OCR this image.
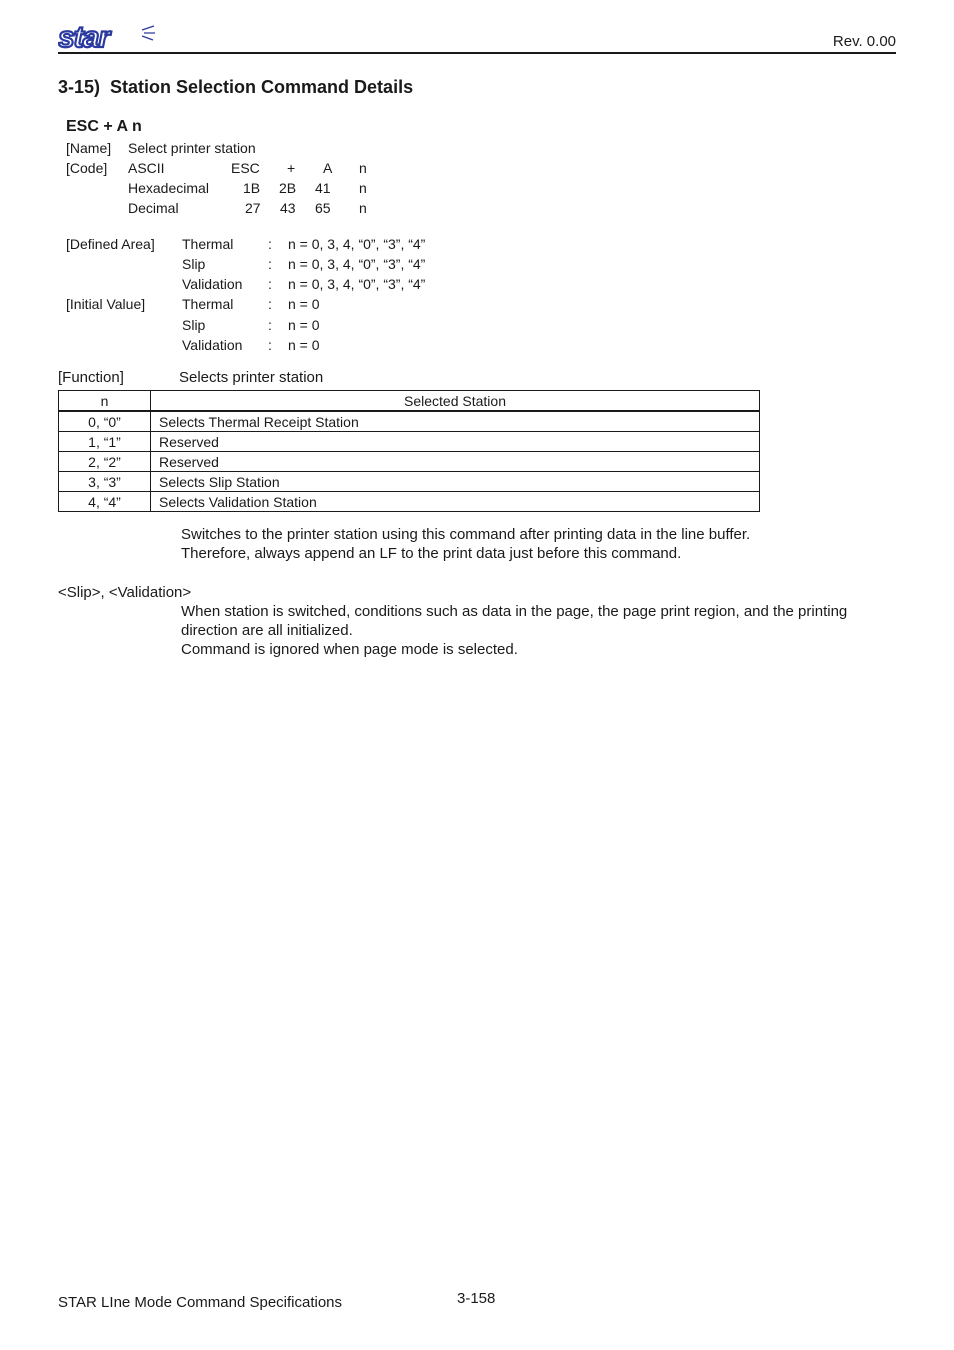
star	Rev. 0.00
3-15)  Station Selection Command Details
ESC + A n
[Name] Select printer station
[Code] ASCII	ESC + A n
Hexadecimal 1B 2B 41 n
Decimal	27 43 65 n
[Defined Area] Thermal : n = 0, 3, 4, “0”, “3”, “4”
Slip	: n = 0, 3, 4, “0”, “3”, “4”
Validation : n = 0, 3, 4, “0”, “3”, “4”
[Initial Value]	Thermal : n = 0
Slip	: n = 0
Validation : n = 0
[Function]	Selects printer station
n	Selected Station
0, “0”	Selects Thermal Receipt Station
1, “1”	Reserved
2, “2”	Reserved
3, “3”	Selects Slip Station
4, “4”	Selects Validation Station
Switches to the printer station using this command after printing data in the line buffer.
Therefore, always append an LF to the print data just before this command.
<Slip>, <Validation>
When station is switched, conditions such as data in the page, the page print region, and the printing
direction are all initialized.
Command is ignored when page mode is selected.
STAR LIne Mode Command Specifications	3-158
